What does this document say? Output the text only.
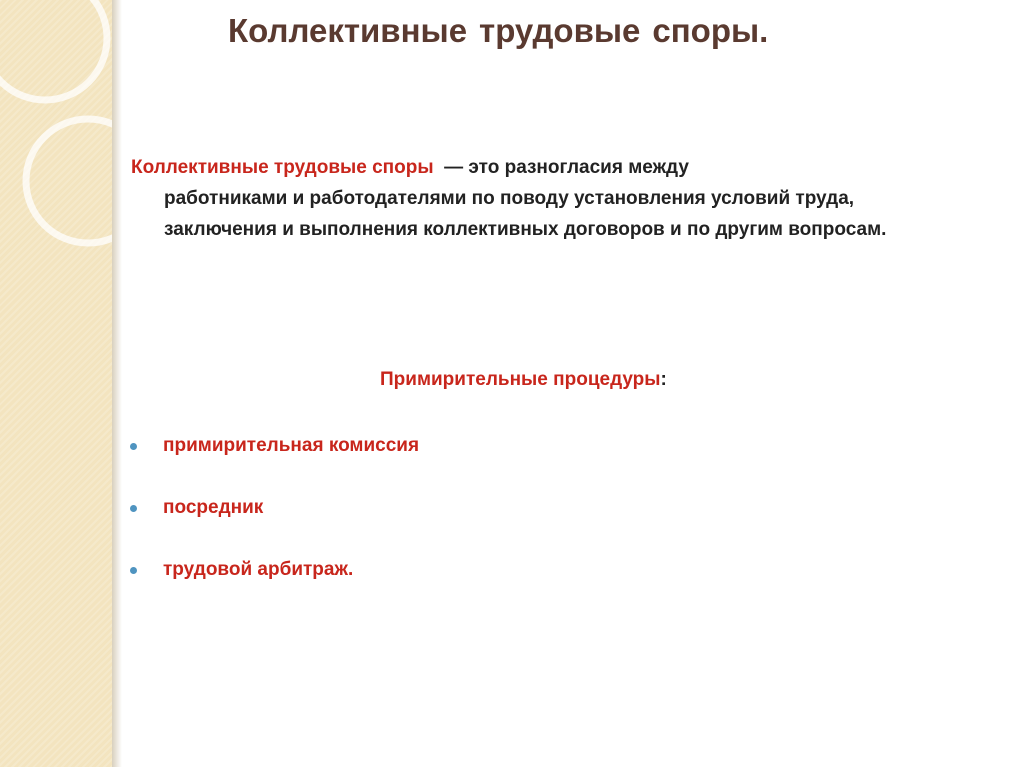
Коллективные трудовые споры.
Коллективные трудовые споры — это разногласия между
работниками и работодателями по поводу установления условий труда, заключения и выполнения коллективных договоров и по другим вопросам.
Примирительные процедуры:
примирительная комиссия
посредник
трудовой арбитраж.
